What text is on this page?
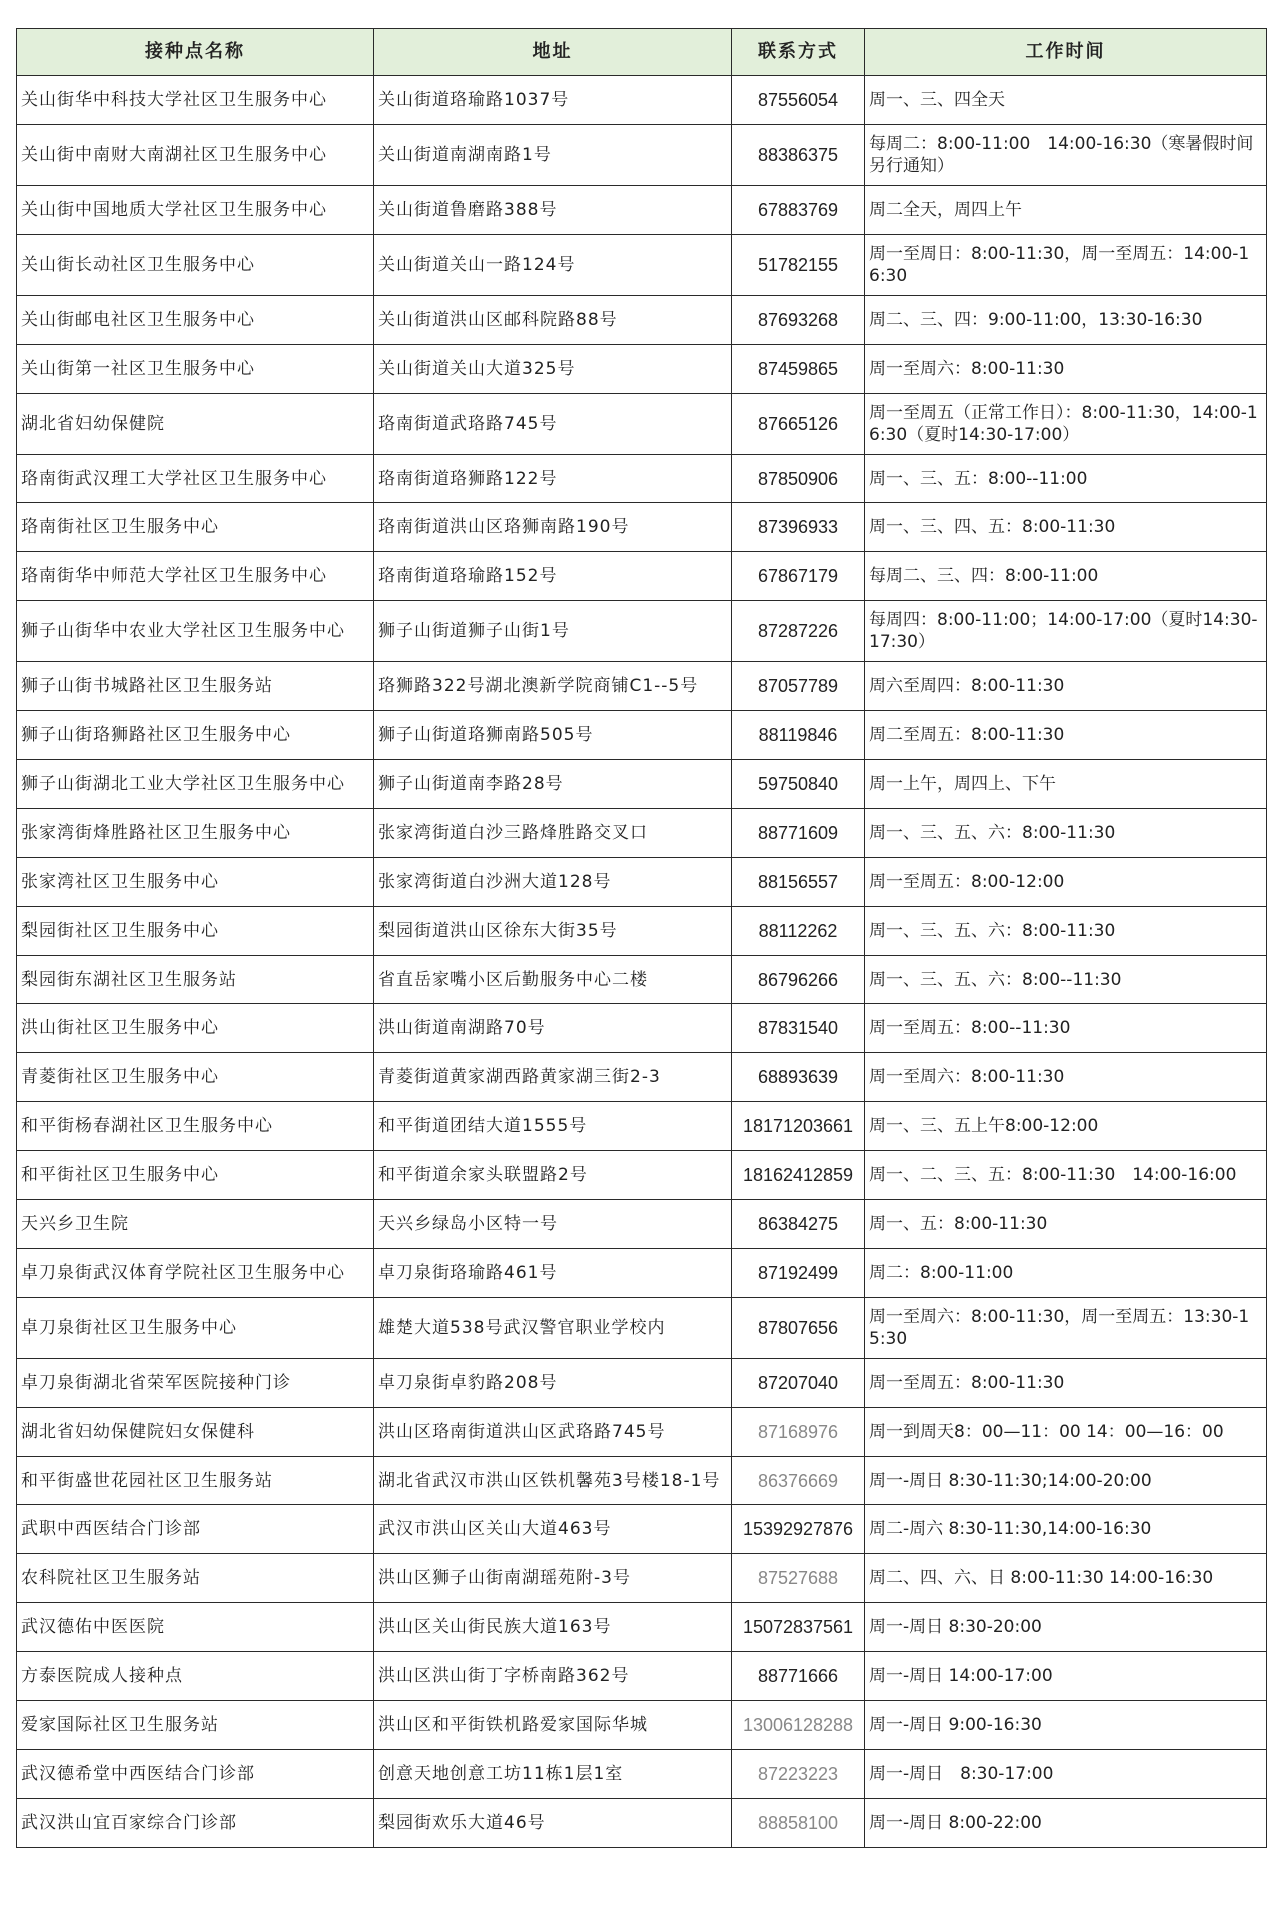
接种点名称	地址	联系方式	工作时间
关山街华中科技大学社区卫生服务中心	关山街道珞瑜路1037号	87556054	周一、三、四全天
关山街中南财大南湖社区卫生服务中心	关山街道南湖南路1号	88386375	每周二：8:00-11:00　14:00-16:30（寒暑假时间另行通知）
关山街中国地质大学社区卫生服务中心	关山街道鲁磨路388号	67883769	周二全天，周四上午
关山街长动社区卫生服务中心	关山街道关山一路124号	51782155	周一至周日：8:00-11:30，周一至周五：14:00-16:30
关山街邮电社区卫生服务中心	关山街道洪山区邮科院路88号	87693268	周二、三、四：9:00-11:00，13:30-16:30
关山街第一社区卫生服务中心	关山街道关山大道325号	87459865	周一至周六：8:00-11:30
湖北省妇幼保健院	珞南街道武珞路745号	87665126	周一至周五（正常工作日）：8:00-11:30，14:00-16:30（夏时14:30-17:00）
珞南街武汉理工大学社区卫生服务中心	珞南街道珞狮路122号	87850906	周一、三、五：8:00--11:00
珞南街社区卫生服务中心	珞南街道洪山区珞狮南路190号	87396933	周一、三、四、五：8:00-11:30
珞南街华中师范大学社区卫生服务中心	珞南街道珞瑜路152号	67867179	每周二、三、四：8:00-11:00
狮子山街华中农业大学社区卫生服务中心	狮子山街道狮子山街1号	87287226	每周四：8:00-11:00；14:00-17:00（夏时14:30-17:30）
狮子山街书城路社区卫生服务站	珞狮路322号湖北澳新学院商铺C1--5号	87057789	周六至周四：8:00-11:30
狮子山街珞狮路社区卫生服务中心	狮子山街道珞狮南路505号	88119846	周二至周五：8:00-11:30
狮子山街湖北工业大学社区卫生服务中心	狮子山街道南李路28号	59750840	周一上午，周四上、下午
张家湾街烽胜路社区卫生服务中心	张家湾街道白沙三路烽胜路交叉口	88771609	周一、三、五、六：8:00-11:30
张家湾社区卫生服务中心	张家湾街道白沙洲大道128号	88156557	周一至周五：8:00-12:00
梨园街社区卫生服务中心	梨园街道洪山区徐东大街35号	88112262	周一、三、五、六：8:00-11:30
梨园街东湖社区卫生服务站	省直岳家嘴小区后勤服务中心二楼	86796266	周一、三、五、六：8:00--11:30
洪山街社区卫生服务中心	洪山街道南湖路70号	87831540	周一至周五：8:00--11:30
青菱街社区卫生服务中心	青菱街道黄家湖西路黄家湖三街2-3	68893639	周一至周六：8:00-11:30
和平街杨春湖社区卫生服务中心	和平街道团结大道1555号	18171203661	周一、三、五上午8:00-12:00
和平街社区卫生服务中心	和平街道余家头联盟路2号	18162412859	周一、二、三、五：8:00-11:30　14:00-16:00
天兴乡卫生院	天兴乡绿岛小区特一号	86384275	周一、五：8:00-11:30
卓刀泉街武汉体育学院社区卫生服务中心	卓刀泉街珞瑜路461号	87192499	周二：8:00-11:00
卓刀泉街社区卫生服务中心	雄楚大道538号武汉警官职业学校内	87807656	周一至周六：8:00-11:30，周一至周五：13:30-15:30
卓刀泉街湖北省荣军医院接种门诊	卓刀泉街卓豹路208号	87207040	周一至周五：8:00-11:30
湖北省妇幼保健院妇女保健科	洪山区珞南街道洪山区武珞路745号	87168976	周一到周天8：00—11：00 14：00—16：00
和平街盛世花园社区卫生服务站	湖北省武汉市洪山区铁机馨苑3号楼18-1号	86376669	周一-周日 8:30-11:30;14:00-20:00
武职中西医结合门诊部	武汉市洪山区关山大道463号	15392927876	周二-周六 8:30-11:30,14:00-16:30
农科院社区卫生服务站	洪山区狮子山街南湖瑶苑附-3号	87527688	周二、四、六、日 8:00-11:30 14:00-16:30
武汉德佑中医医院	洪山区关山街民族大道163号	15072837561	周一-周日 8:30-20:00
方泰医院成人接种点	洪山区洪山街丁字桥南路362号	88771666	周一-周日 14:00-17:00
爱家国际社区卫生服务站	洪山区和平街铁机路爱家国际华城	13006128288	周一-周日 9:00-16:30
武汉德希堂中西医结合门诊部	创意天地创意工坊11栋1层1室	87223223	周一-周日　8:30-17:00
武汉洪山宜百家综合门诊部	梨园街欢乐大道46号	88858100	周一-周日 8:00-22:00
